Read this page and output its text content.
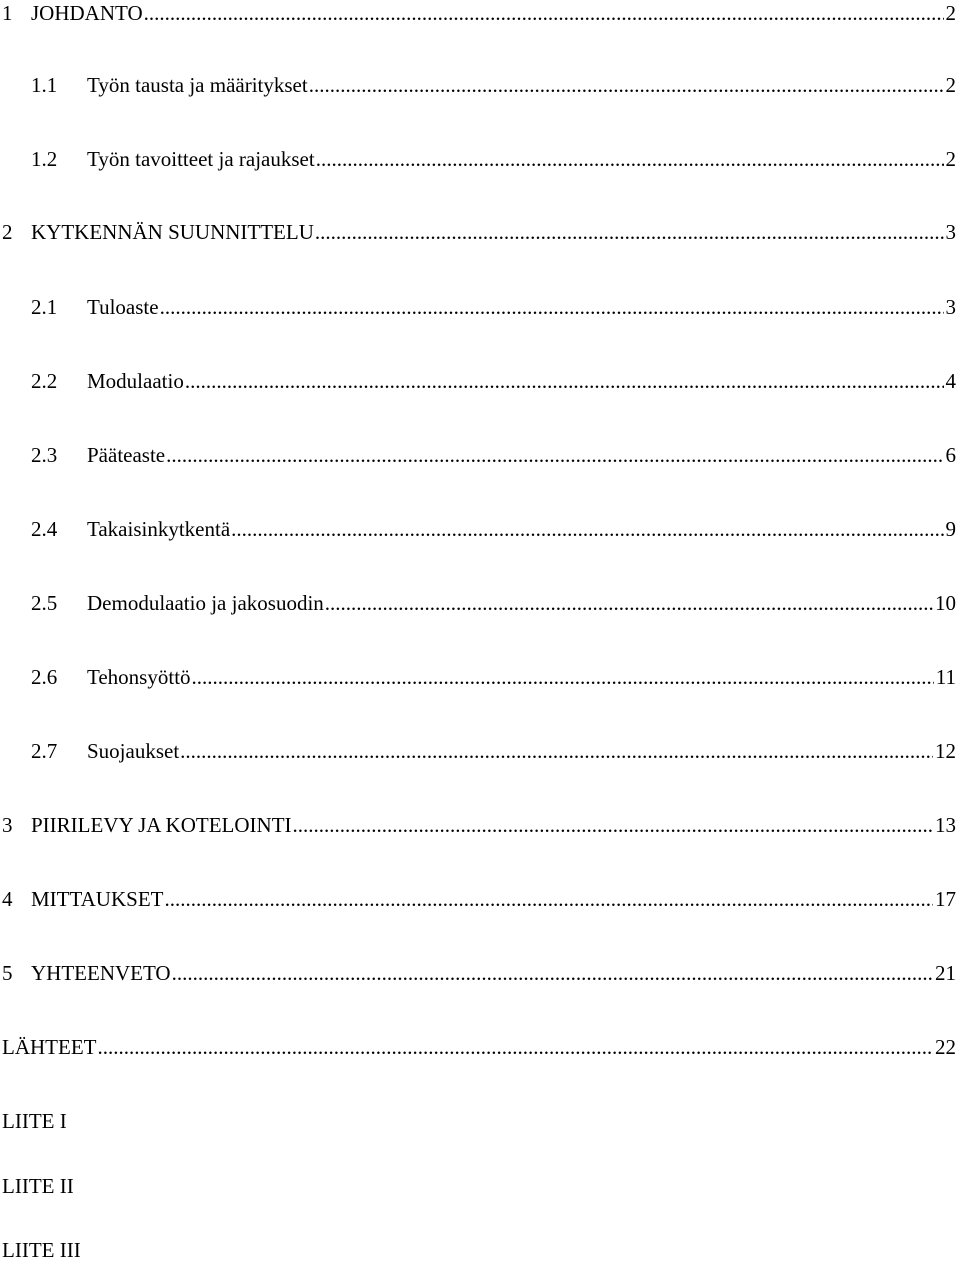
1 JOHDANTO .....	2
1.1	Työn tausta ja määritykset .....	2
1.2	Työn tavoitteet ja rajaukset .....	2
2 KYTKENNÄN SUUNNITTELU .....	3
2.1	Tuloaste .....	3
2.2	Modulaatio .....	4
2.3	Pääteaste .....	6
2.4	Takaisinkytkentä .....	9
2.5	Demodulaatio ja jakosuodin .....	10
2.6	Tehonsyöttö .....	11
2.7	Suojaukset .....	12
3 PIIRILEVY JA KOTELOINTI .....	13
4 MITTAUKSET .....	17
5 YHTEENVETO .....	21
LÄHTEET .....	22
LIITE I
LIITE II
LIITE III
